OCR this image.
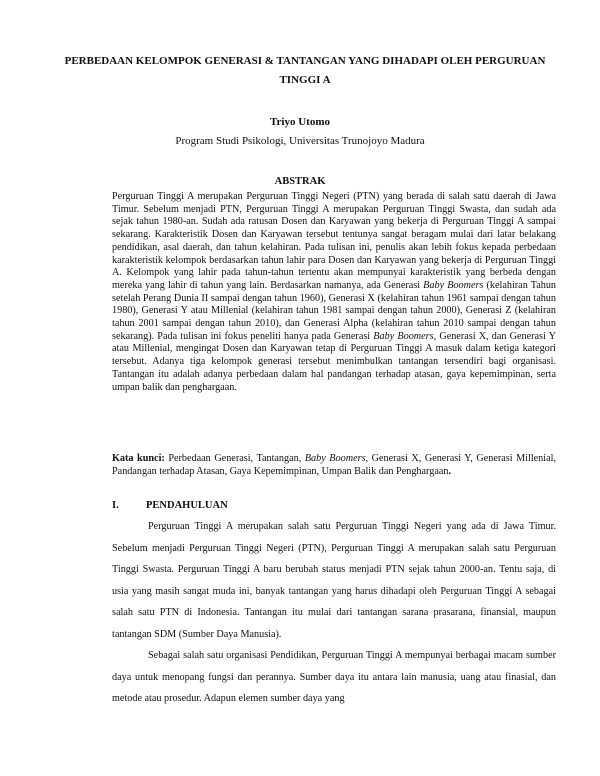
PERBEDAAN KELOMPOK GENERASI & TANTANGAN YANG DIHADAPI OLEH PERGURUAN TINGGI A
Triyo Utomo
Program Studi Psikologi, Universitas Trunojoyo Madura
ABSTRAK
Perguruan Tinggi A merupakan Perguruan Tinggi Negeri (PTN) yang berada di salah satu daerah di Jawa Timur. Sebelum menjadi PTN, Perguruan Tinggi A merupakan Perguruan Tinggi Swasta, dan sudah ada sejak tahun 1980-an. Sudah ada ratusan Dosen dan Karyawan yang bekerja di Perguruan Tinggi A sampai sekarang. Karakteristik Dosen dan Karyawan tersebut tentunya sangat beragam mulai dari latar belakang pendidikan, asal daerah, dan tahun kelahiran. Pada tulisan ini, penulis akan lebih fokus kepada perbedaan karakteristik kelompok berdasarkan tahun lahir para Dosen dan Karyawan yang bekerja di Perguruan Tinggi A. Kelompok yang lahir pada tahun-tahun tertentu akan mempunyai karakteristik yang berbeda dengan mereka yang lahir di tahun yang lain. Berdasarkan namanya, ada Generasi Baby Boomers (kelahiran Tahun setelah Perang Dunia II sampai dengan tahun 1960), Generasi X (kelahiran tahun 1961 sampai dengan tahun 1980), Generasi Y atau Millenial (kelahiran tahun 1981 sampai dengan tahun 2000), Generasi Z (kelahiran tahun 2001 sampai dengan tahun 2010), dan Generasi Alpha (kelahiran tahun 2010 sampai dengan tahun sekarang). Pada tulisan ini fokus peneliti hanya pada Generasi Baby Boomers, Generasi X, dan Generasi Y atau Millenial, mengingat Dosen dan Karyawan tetap di Perguruan Tinggi A masuk dalam ketiga kategori tersebut. Adanya tiga kelompok generasi tersebut menimbulkan tantangan tersendiri bagi organisasi. Tantangan itu adalah adanya perbedaan dalam hal pandangan terhadap atasan, gaya kepemimpinan, serta umpan balik dan penghargaan.
Kata kunci: Perbedaan Generasi, Tantangan, Baby Boomers, Generasi X, Generasi Y, Generasi Millenial, Pandangan terhadap Atasan, Gaya Kepemimpinan, Umpan Balik dan Penghargaan.
I.	PENDAHULUAN

Perguruan Tinggi A merupakan salah satu Perguruan Tinggi Negeri yang ada di Jawa Timur. Sebelum menjadi Perguruan Tinggi Negeri (PTN), Perguruan Tinggi A merupakan salah satu Perguruan Tinggi Swasta. Perguruan Tinggi A baru berubah status menjadi PTN sejak tahun 2000-an. Tentu saja, di usia yang masih sangat muda ini, banyak tantangan yang harus dihadapi oleh Perguruan Tinggi A sebagai salah satu PTN di Indonesia. Tantangan itu mulai dari tantangan sarana prasarana, finansial, maupun tantangan SDM (Sumber Daya Manusia).

Sebagai salah satu organisasi Pendidikan, Perguruan Tinggi A mempunyai berbagai macam sumber daya untuk menopang fungsi dan perannya. Sumber daya itu antara lain manusia, uang atau finasial, dan metode atau prosedur. Adapun elemen sumber daya yang
